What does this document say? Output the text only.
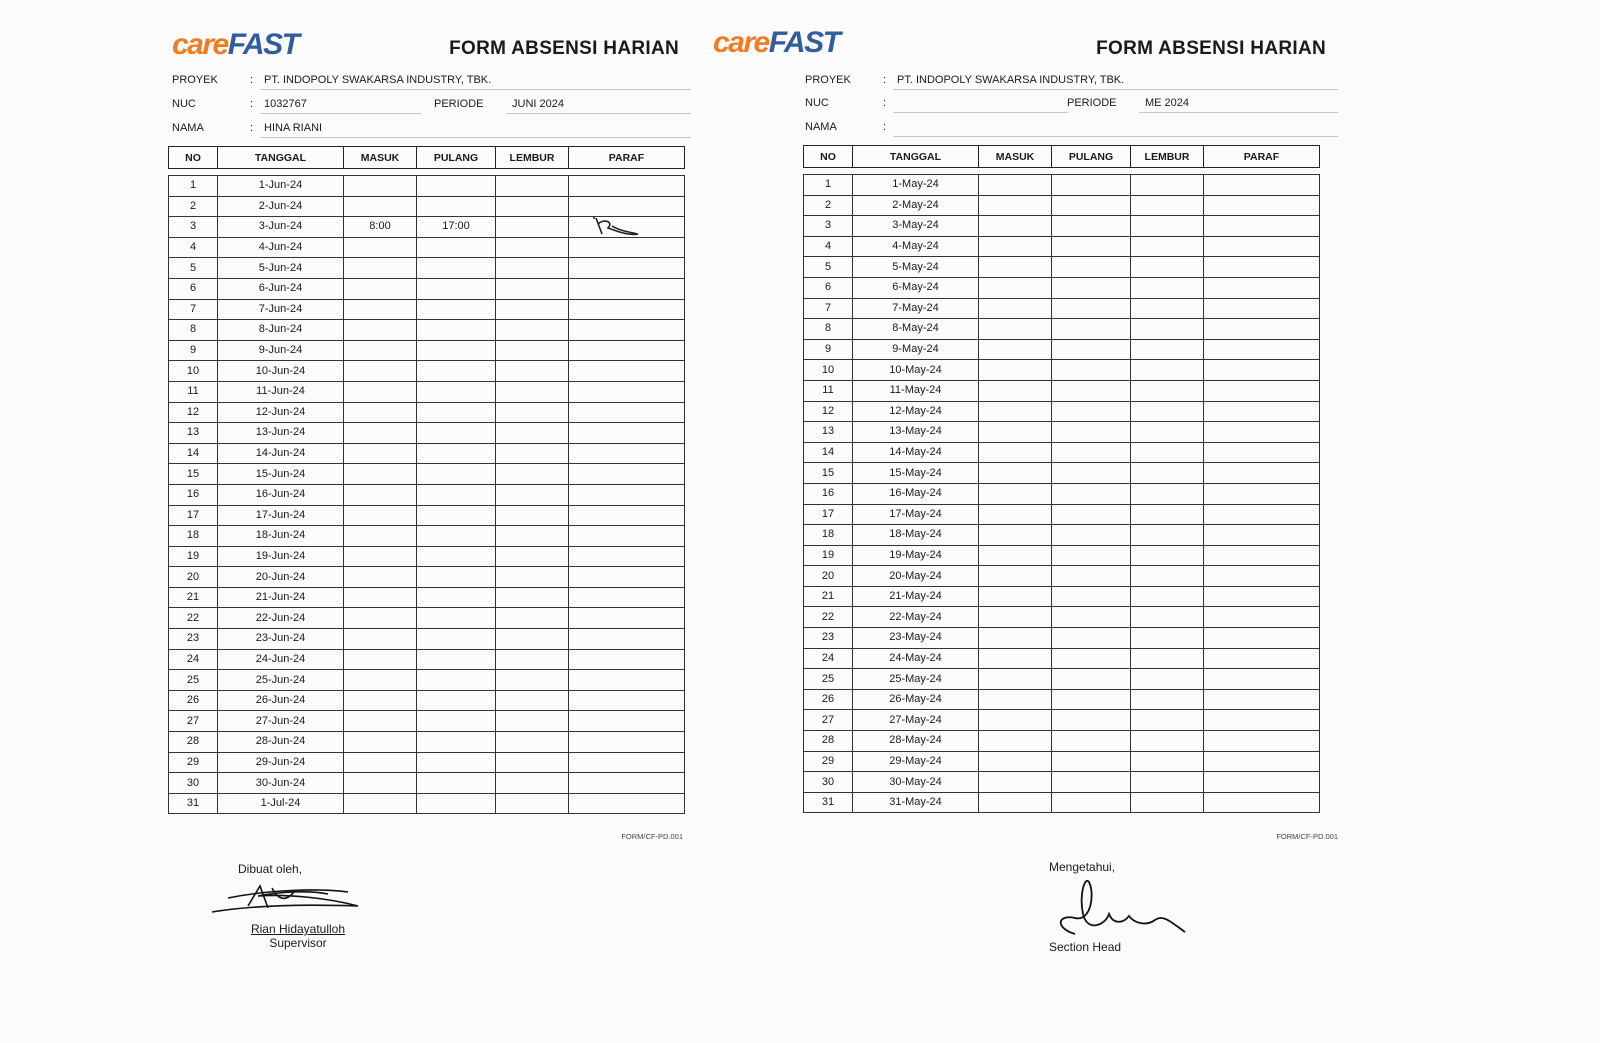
careFAST	FORM ABSENSI HARIAN
PROYEK	: PT. INDOPOLY SWAKARSA INDUSTRY, TBK.
NUC	: 1032767	PERIODE	JUNI 2024
NAMA	: HINA RIANI
NO	TANGGAL	MASUK	PULANG	LEMBUR	PARAF

1	1-Jun-24				
2	2-Jun-24				
3	3-Jun-24	8:00	17:00		
4	4-Jun-24				
5	5-Jun-24				
6	6-Jun-24				
7	7-Jun-24				
8	8-Jun-24				
9	9-Jun-24				
10	10-Jun-24				
11	11-Jun-24				
12	12-Jun-24				
13	13-Jun-24				
14	14-Jun-24				
15	15-Jun-24				
16	16-Jun-24				
17	17-Jun-24				
18	18-Jun-24				
19	19-Jun-24				
20	20-Jun-24				
21	21-Jun-24				
22	22-Jun-24				
23	23-Jun-24				
24	24-Jun-24				
25	25-Jun-24				
26	26-Jun-24				
27	27-Jun-24				
28	28-Jun-24				
29	29-Jun-24				
30	30-Jun-24				
31	1-Jul-24				
FORM/CF-PD.001
Dibuat oleh,
Rian Hidayatulloh
Supervisor
careFAST	FORM ABSENSI HARIAN
PROYEK	: PT. INDOPOLY SWAKARSA INDUSTRY, TBK.
NUC	:	PERIODE	ME 2024
NAMA	:
NO	TANGGAL	MASUK	PULANG	LEMBUR	PARAF

1	1-May-24				
2	2-May-24				
3	3-May-24				
4	4-May-24				
5	5-May-24				
6	6-May-24				
7	7-May-24				
8	8-May-24				
9	9-May-24				
10	10-May-24				
11	11-May-24				
12	12-May-24				
13	13-May-24				
14	14-May-24				
15	15-May-24				
16	16-May-24				
17	17-May-24				
18	18-May-24				
19	19-May-24				
20	20-May-24				
21	21-May-24				
22	22-May-24				
23	23-May-24				
24	24-May-24				
25	25-May-24				
26	26-May-24				
27	27-May-24				
28	28-May-24				
29	29-May-24				
30	30-May-24				
31	31-May-24				
FORM/CF-PD.001
Mengetahui,
Section Head
